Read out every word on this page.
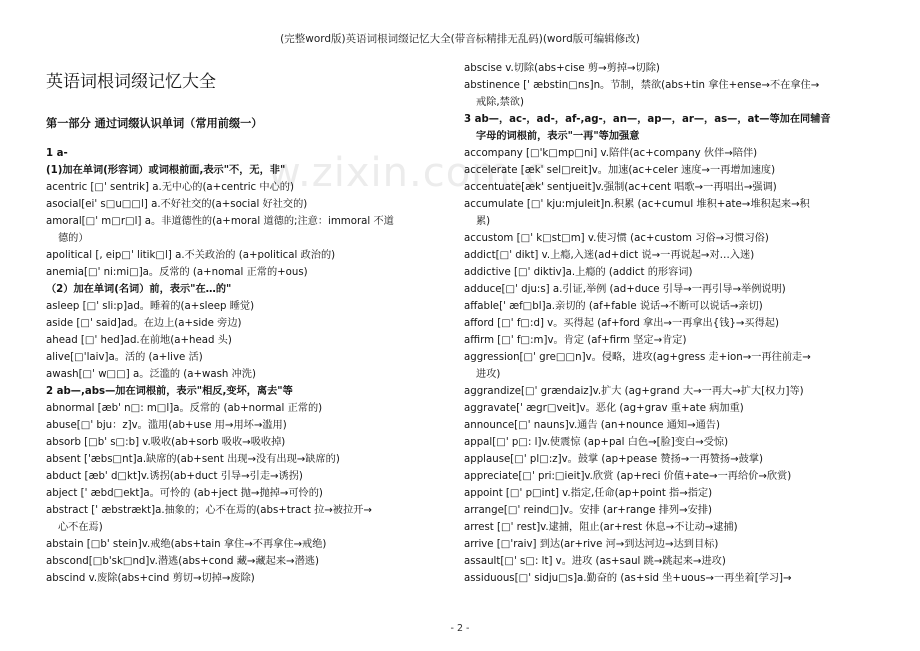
(完整word版)英语词根词缀记忆大全(带音标精排无乱码)(word版可编辑修改)
w.zixin.com.c
英语词根词缀记忆大全
第一部分 通过词缀认识单词（常用前缀一）
1 a-
(1)加在单词(形容词）或词根前面,表示"不，无，非"
acentric [□' sentrik] a.无中心的(a+centric 中心的)
asocial[ei' s□u□□l] a.不好社交的(a+social 好社交的)
amoral[□' m□r□l] a。非道德性的(a+moral 道德的;注意：immoral 不道
德的）
apolitical [, eip□' litik□l] a.不关政治的 (a+political 政治的)
anemia[□' ni:mi□]a。反常的 (a+nomal 正常的+ous)
（2）加在单词(名词）前，表示"在…的"
asleep [□' sli:p]ad。睡着的(a+sleep 睡觉)
aside [□' said]ad。在边上(a+side 旁边)
ahead [□' hed]ad.在前地(a+head 头)
alive[□'laiv]a。活的 (a+live 活)
awash[□' w□□] a。泛滥的 (a+wash 冲洗)
2 ab—,abs—加在词根前，表示"相反,变坏，离去"等
abnormal [æb' n□: m□l]a。反常的 (ab+normal 正常的)
abuse[□' bju：z]v。滥用(ab+use 用→用坏→滥用)
absorb [□b' s□:b] v.吸收(ab+sorb 吸收→吸收掉)
absent ['æbs□nt]a.缺席的(ab+sent 出现→没有出现→缺席的)
abduct [æb' d□kt]v.诱拐(ab+duct 引导→引走→诱拐)
abject [' æbd□ekt]a。可怜的 (ab+ject 抛→抛掉→可怜的)
abstract [' æbstrækt]a.抽象的；心不在焉的(abs+tract 拉→被拉开→
心不在焉)
abstain [□b' stein]v.戒绝(abs+tain 拿住→不再拿住→戒绝)
abscond[□b'sk□nd]v.潜逃(abs+cond 藏→藏起来→潜逃)
abscind v.废除(abs+cind 剪切→切掉→废除)
abscise v.切除(abs+cise 剪→剪掉→切除)
abstinence [' æbstin□ns]n。节制，禁欲(abs+tin 拿住+ense→不在拿住→
戒除,禁欲)
3 ab—，ac-，ad-，af-,ag-，an—，ap—，ar—，as—，at—等加在同辅音
字母的词根前，表示"一再"等加强意
accompany [□'k□mp□ni] v.陪伴(ac+company 伙伴→陪伴)
accelerate [æk' sel□reit]v。加速(ac+celer 速度→一再增加速度)
accentuate[æk' sentjueit]v.强制(ac+cent 唱歌→一再唱出→强调)
accumulate [□' kju:mjuleit]n.积累 (ac+cumul 堆积+ate→堆积起来→积
累)
accustom [□' k□st□m] v.使习惯 (ac+custom 习俗→习惯习俗)
addict[□' dikt] v.上瘾,入迷(ad+dict 说→一再说起→对…入迷)
addictive [□' diktiv]a.上瘾的 (addict 的形容词)
adduce[□' dju:s] a.引证,举例 (ad+duce 引导→一再引导→举例说明)
affable[' æf□bl]a.亲切的 (af+fable 说话→不断可以说话→亲切)
afford [□' f□:d] v。买得起 (af+ford 拿出→一再拿出{钱}→买得起)
affirm [□' f□:m]v。肯定 (af+firm 坚定→肯定)
aggression[□' gre□□n]v。侵略，进攻(ag+gress 走+ion→一再往前走→
进攻)
aggrandize[□' grændaiz]v.扩大 (ag+grand 大→一再大→扩大[权力]等)
aggravate[' ægr□veit]v。恶化 (ag+grav 重+ate 病加重)
announce[□' nauns]v.通告 (an+nounce 通知→通告)
appal[□' p□: l]v.使震惊 (ap+pal 白色→[脸]变白→受惊)
applause[□' pl□:z]v。鼓掌 (ap+pease 赞扬→一再赞扬→鼓掌)
appreciate[□' pri:□ieit]v.欣赏 (ap+reci 价值+ate→一再给价→欣赏)
appoint [□' p□int] v.指定,任命(ap+point 指→指定)
arrange[□' reind□]v。安排 (ar+range 排列→安排)
arrest [□' rest]v.逮捕，阻止(ar+rest 休息→不让动→逮捕)
arrive [□'raiv] 到达(ar+rive 河→到达河边→达到目标)
assault[□' s□: lt] v。进攻 (as+saul 跳→跳起来→进攻)
assiduous[□' sidju□s]a.勤奋的 (as+sid 坐+uous→一再坐着[学习]→
- 2 -
